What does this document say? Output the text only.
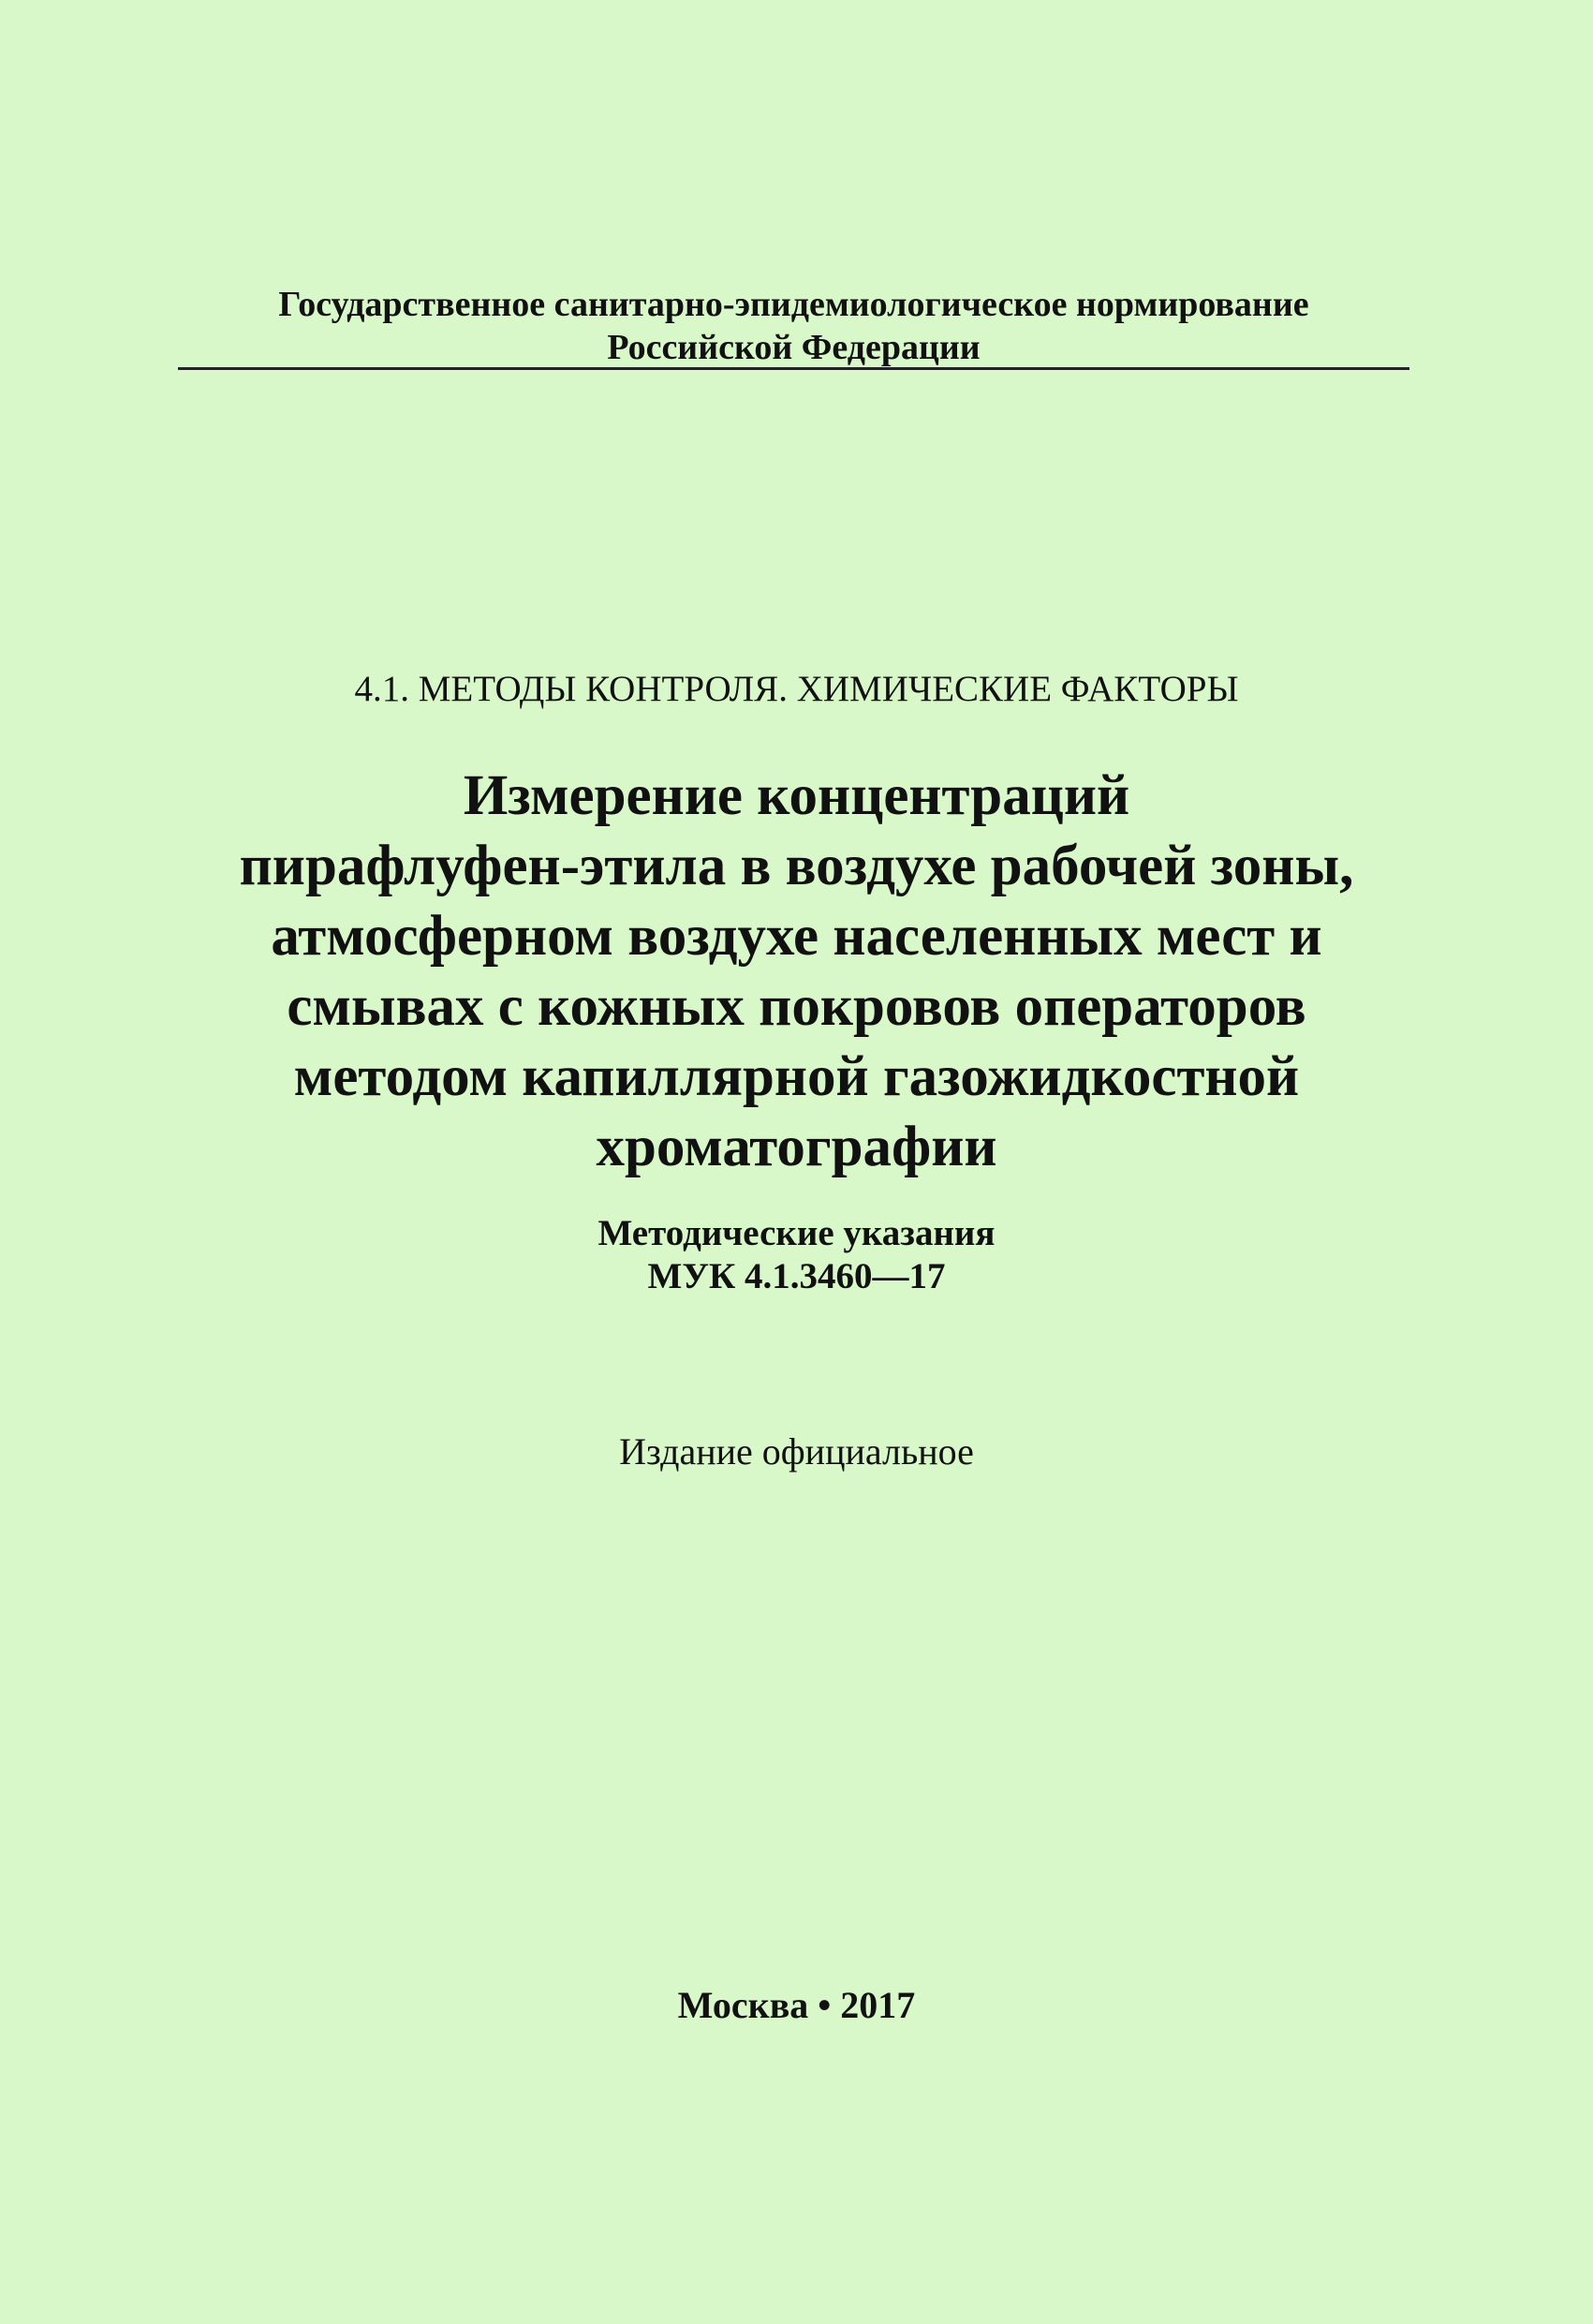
Государственное санитарно-эпидемиологическое нормирование
Российской Федерации
4.1. МЕТОДЫ КОНТРОЛЯ. ХИМИЧЕСКИЕ ФАКТОРЫ
Измерение концентраций
пирафлуфен-этила в воздухе рабочей зоны,
атмосферном воздухе населенных мест и
смывах с кожных покровов операторов
методом капиллярной газожидкостной
хроматографии
Методические указания
МУК 4.1.3460—17
Издание официальное
Москва • 2017
